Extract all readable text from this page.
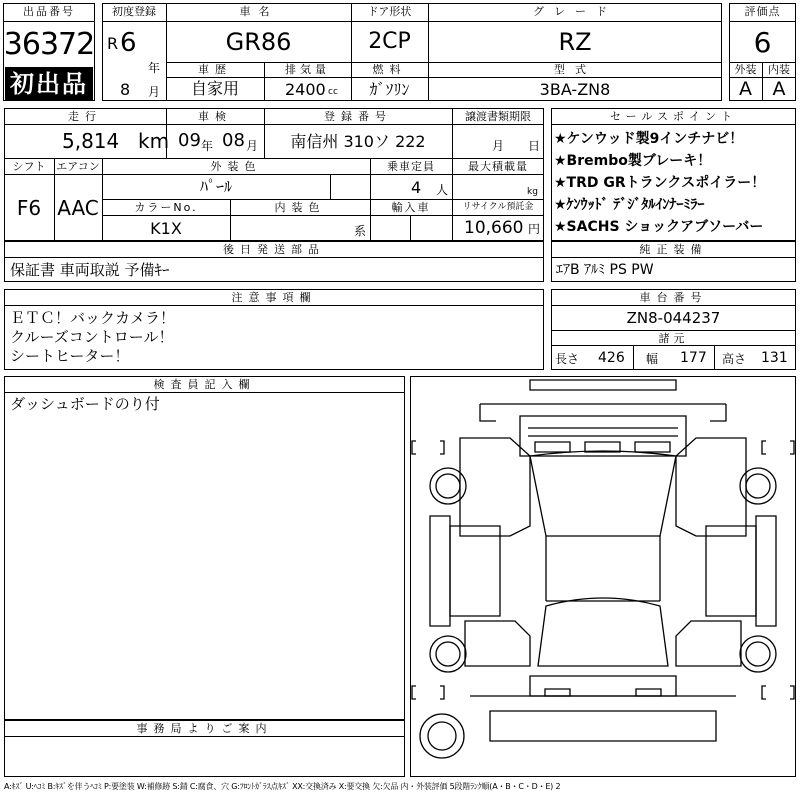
出品番号
36372
初出品
初度登録
R 6
年
8 月
車名
GR86
ドア形状
2CP
グレード
RZ
車歴
自家用
排気量
2400 cc
燃料
ｶﾞｿﾘﾝ
型式
3BA-ZN8
評価点
6
外装	内装
A	A
走行
5,814 km
車検
09 年 08 月
登録番号
南信州 310ソ 222
譲渡書類期限
月 日
シフト
F6
エアコン
AAC
外装色
ﾊﾟｰﾙ
乗車定員
4 人
最大積載量
kg
カラーNo.
K1X
内装色
系
輸入車	リサイクル預託金
10,660 円
後日発送部品
保証書 車両取説 予備ｷｰ
セールスポイント
★ケンウッド製9インチナビ！
★Brembo製ブレーキ！
★TRD GRトランクスポイラー！
★ｹﾝｳｯﾄﾞ ﾃﾞｼﾞﾀﾙｲﾝﾅｰﾐﾗｰ
★SACHS ショックアブソーバー
純正装備
ｴｱB ｱﾙﾐ PS PW
注意事項欄
ＥＴＣ！バックカメラ！
クルーズコントロール！
シートヒーター！
車台番号
ZN8-044237
諸元
長さ 426 幅 177 高さ 131
検査員記入欄
ダッシュボードのり付
事務局よりご案内
A:ｷｽﾞ U:ﾍｺﾐ B:ｷｽﾞを伴うﾍｺﾐ P:要塗装 W:補修跡 S:錆 C:腐食、穴 G:ﾌﾛﾝﾄｶﾞﾗｽ点ｷｽﾞ XX:交換済み X:要交換 欠:欠品 内・外装評価 5段階ﾗﾝｸ順(A・B・C・D・E) 2
